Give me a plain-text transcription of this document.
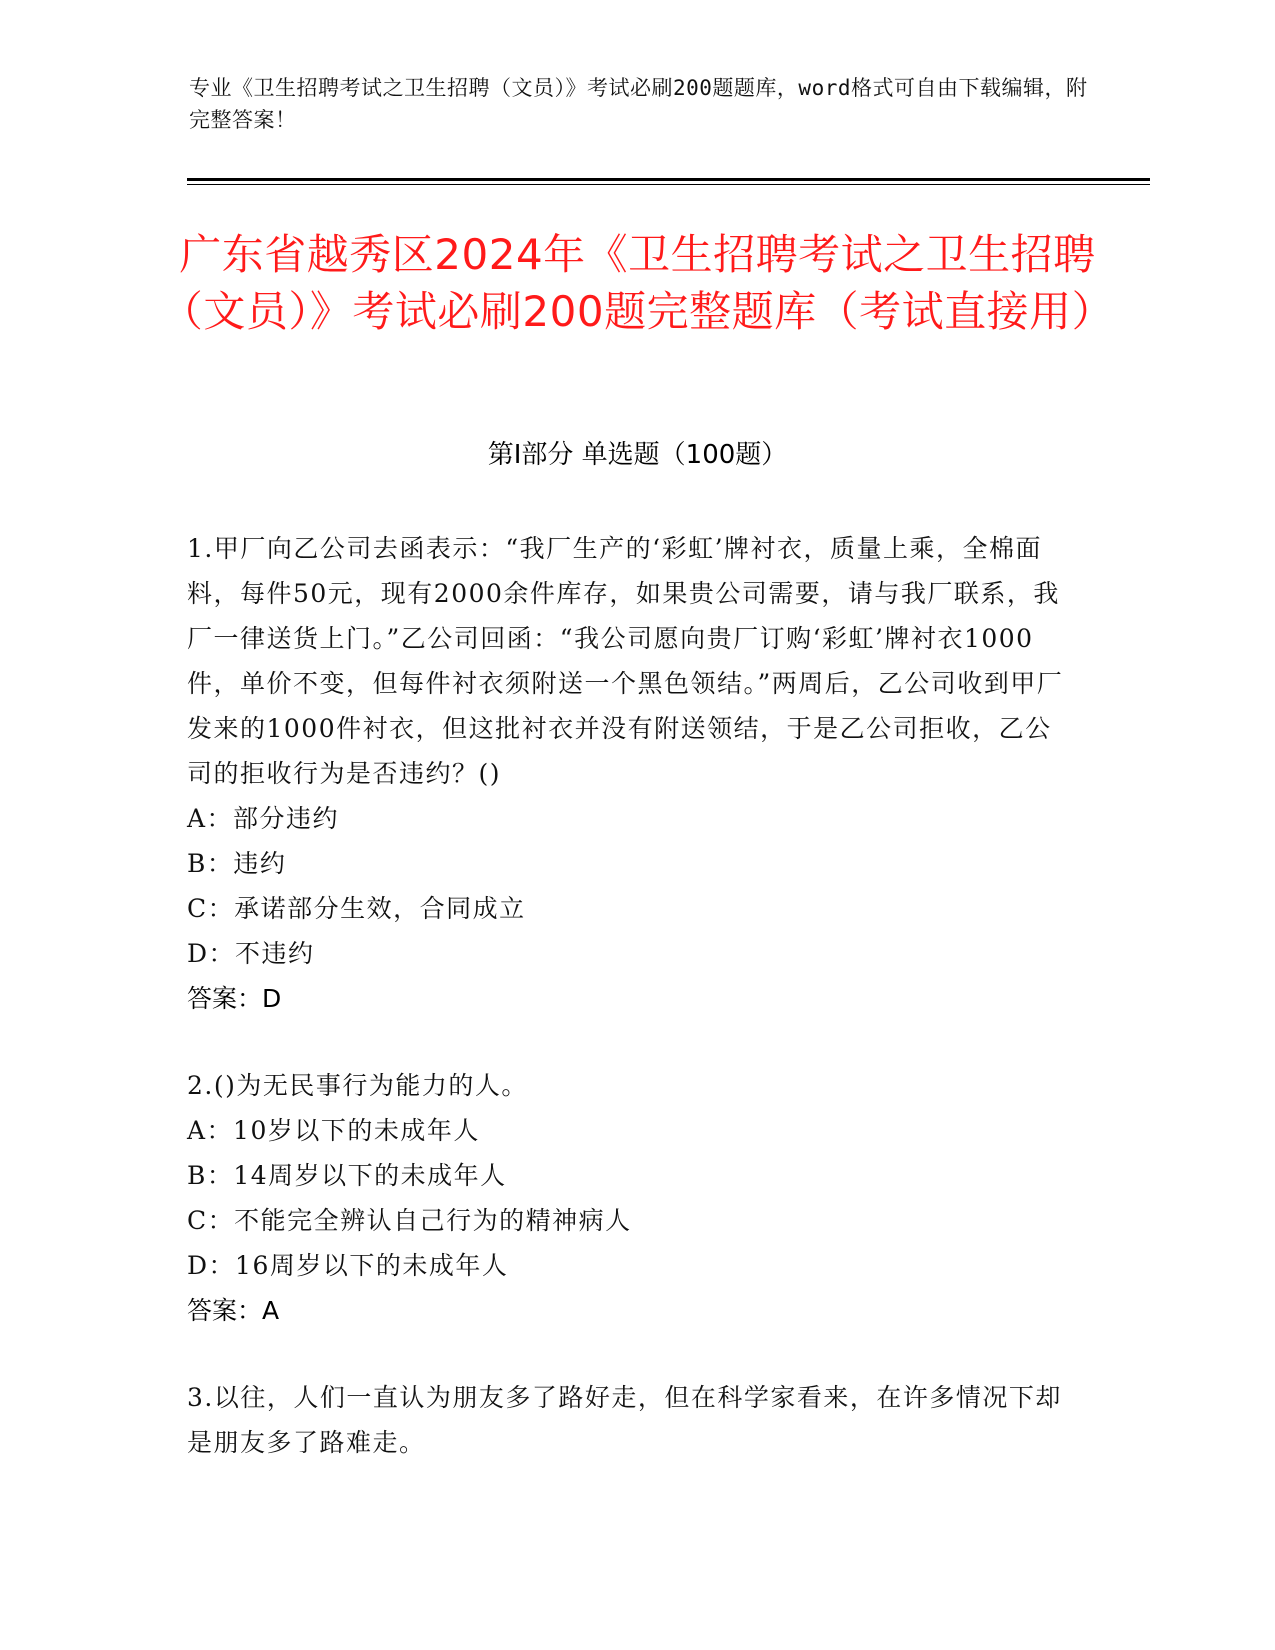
专业《卫生招聘考试之卫生招聘（文员）》考试必刷200题题库，word格式可自由下载编辑，附完整答案！
广东省越秀区2024年《卫生招聘考试之卫生招聘（文员）》考试必刷200题完整题库（考试直接用）
第I部分 单选题（100题）

1.甲厂向乙公司去函表示：“我厂生产的‘彩虹’牌衬衣，质量上乘，全棉面料，每件50元，现有2000余件库存，如果贵公司需要，请与我厂联系，我厂一律送货上门。”乙公司回函：“我公司愿向贵厂订购‘彩虹’牌衬衣1000件，单价不变，但每件衬衣须附送一个黑色领结。”两周后，乙公司收到甲厂发来的1000件衬衣，但这批衬衣并没有附送领结，于是乙公司拒收，乙公司的拒收行为是否违约？()

A：部分违约

B：违约

C：承诺部分生效，合同成立

D：不违约

答案：D

2.()为无民事行为能力的人。

A：10岁以下的未成年人

B：14周岁以下的未成年人

C：不能完全辨认自己行为的精神病人

D：16周岁以下的未成年人

答案：A

3.以往，人们一直认为朋友多了路好走，但在科学家看来，在许多情况下却是朋友多了路难走。
